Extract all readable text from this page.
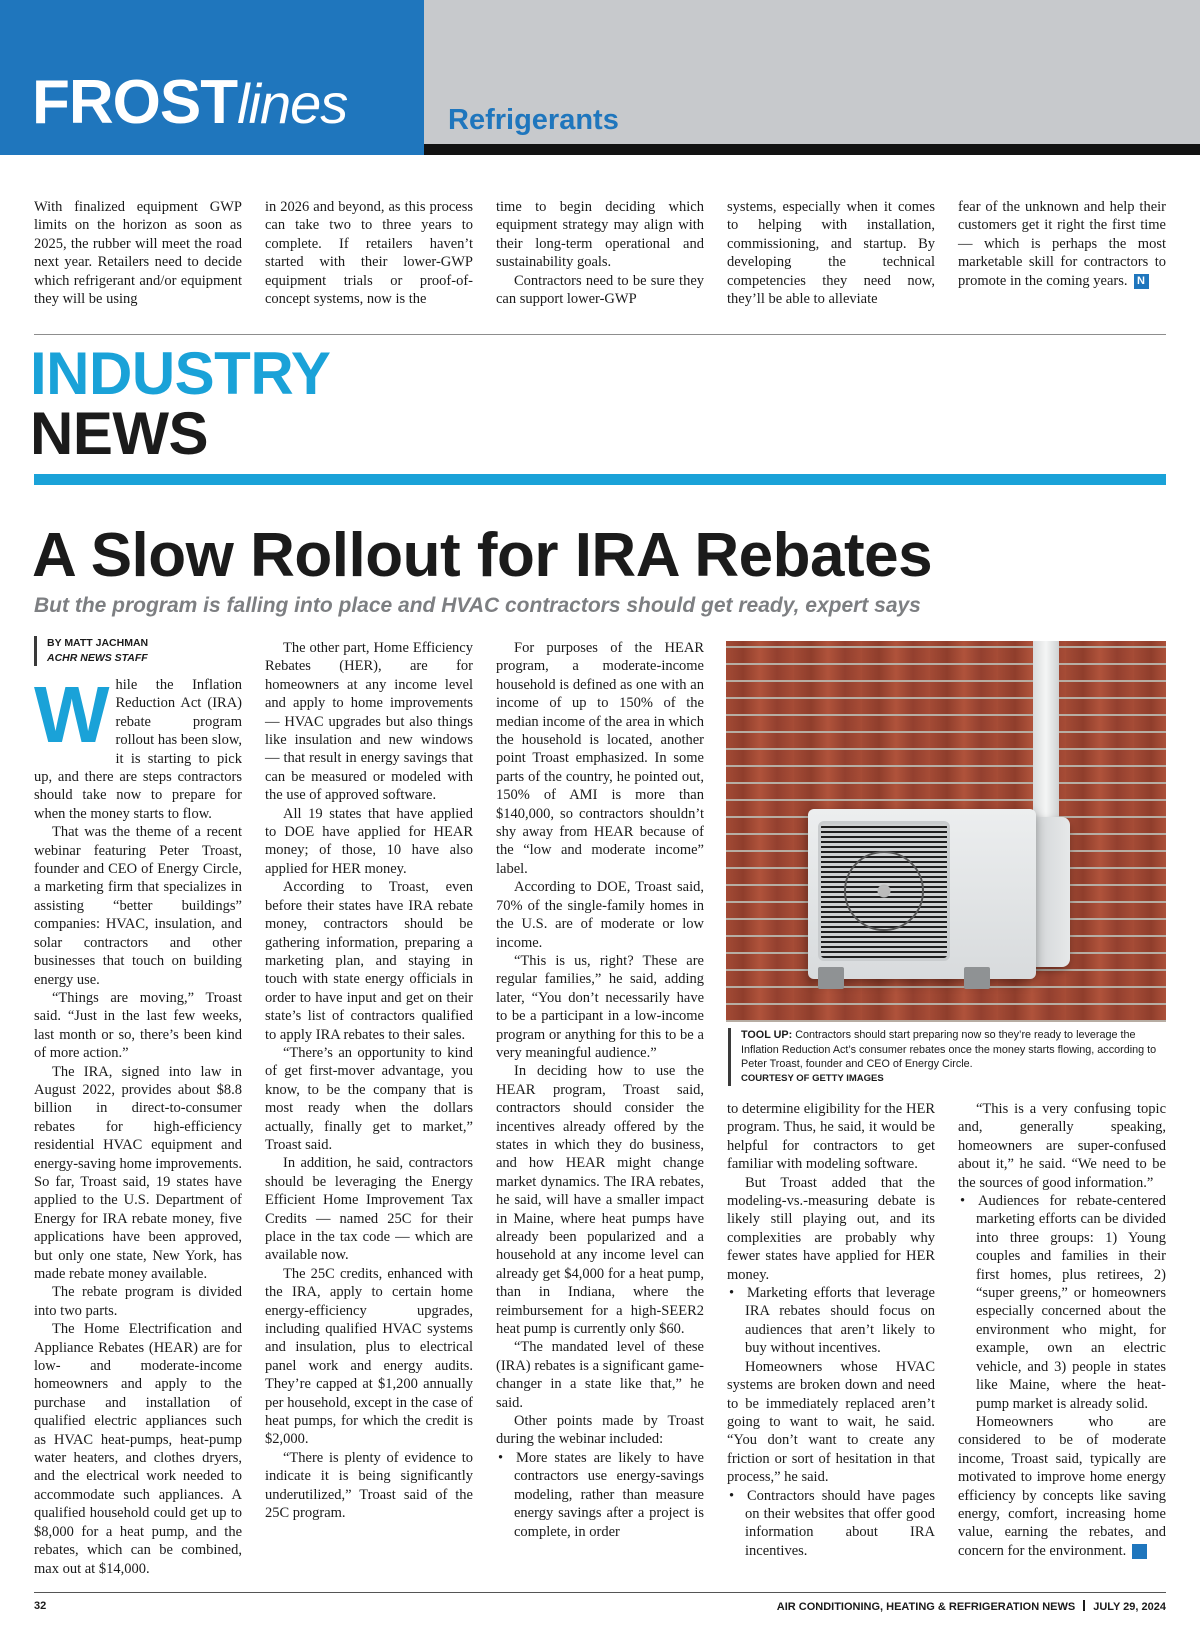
FROSTlines	Refrigerants

With finalized equipment GWP limits on the horizon as soon as 2025, the rubber will meet the road next year. Retailers need to decide which refrigerant and/or equipment they will be using

in 2026 and beyond, as this process can take two to three years to complete. If retailers haven’t started with their lower-GWP equipment trials or proof-of-concept systems, now is the

time to begin deciding which equipment strategy may align with their long-term operational and sustainability goals.

Contractors need to be sure they can support lower-GWP

systems, especially when it comes to helping with installation, commissioning, and startup. By developing the technical competencies they need now, they’ll be able to alleviate

fear of the unknown and help their customers get it right the first time — which is perhaps the most marketable skill for contractors to promote in the coming years. N

INDUSTRY
NEWS
A Slow Rollout for IRA Rebates
But the program is falling into place and HVAC contractors should get ready, expert says
BY MATT JACHMAN
ACHR NEWS STAFF

While the Inflation Reduction Act (IRA) rebate program rollout has been slow, it is starting to pick up, and there are steps contractors should take now to prepare for when the money starts to flow.

That was the theme of a recent webinar featuring Peter Troast, founder and CEO of Energy Circle, a marketing firm that specializes in assisting “better buildings” companies: HVAC, insulation, and solar contractors and other businesses that touch on building energy use.

“Things are moving,” Troast said. “Just in the last few weeks, last month or so, there’s been kind of more action.”

The IRA, signed into law in August 2022, provides about $8.8 billion in direct-to-consumer rebates for high-efficiency residential HVAC equipment and energy-saving home improvements. So far, Troast said, 19 states have applied to the U.S. Department of Energy for IRA rebate money, five applications have been approved, but only one state, New York, has made rebate money available.

The rebate program is divided into two parts.

The Home Electrification and Appliance Rebates (HEAR) are for low- and moderate-income homeowners and apply to the purchase and installation of qualified electric appliances such as HVAC heat-pumps, heat-pump water heaters, and clothes dryers, and the electrical work needed to accommodate such appliances. A qualified household could get up to $8,000 for a heat pump, and the rebates, which can be combined, max out at $14,000.

The other part, Home Efficiency Rebates (HER), are for homeowners at any income level and apply to home improvements — HVAC upgrades but also things like insulation and new windows — that result in energy savings that can be measured or modeled with the use of approved software.

All 19 states that have applied to DOE have applied for HEAR money; of those, 10 have also applied for HER money.

According to Troast, even before their states have IRA rebate money, contractors should be gathering information, preparing a marketing plan, and staying in touch with state energy officials in order to have input and get on their state’s list of contractors qualified to apply IRA rebates to their sales.

“There’s an opportunity to kind of get first-mover advantage, you know, to be the company that is most ready when the dollars actually, finally get to market,” Troast said.

In addition, he said, contractors should be leveraging the Energy Efficient Home Improvement Tax Credits — named 25C for their place in the tax code — which are available now.

The 25C credits, enhanced with the IRA, apply to certain home energy-efficiency upgrades, including qualified HVAC systems and insulation, plus to electrical panel work and energy audits. They’re capped at $1,200 annually per household, except in the case of heat pumps, for which the credit is $2,000.

“There is plenty of evidence to indicate it is being significantly underutilized,” Troast said of the 25C program.

For purposes of the HEAR program, a moderate-income household is defined as one with an income of up to 150% of the median income of the area in which the household is located, another point Troast emphasized. In some parts of the country, he pointed out, 150% of AMI is more than $140,000, so contractors shouldn’t shy away from HEAR because of the “low and moderate income” label.

According to DOE, Troast said, 70% of the single-family homes in the U.S. are of moderate or low income.

“This is us, right? These are regular families,” he said, adding later, “You don’t necessarily have to be a participant in a low-income program or anything for this to be a very meaningful audience.”

In deciding how to use the HEAR program, Troast said, contractors should consider the incentives already offered by the states in which they do business, and how HEAR might change market dynamics. The IRA rebates, he said, will have a smaller impact in Maine, where heat pumps have already been popularized and a household at any income level can already get $4,000 for a heat pump, than in Indiana, where the reimbursement for a high-SEER2 heat pump is currently only $60.

“The mandated level of these (IRA) rebates is a significant game-changer in a state like that,” he said.

Other points made by Troast during the webinar included:

• More states are likely to have contractors use energy-savings modeling, rather than measure energy savings after a project is complete, in order

TOOL UP: Contractors should start preparing now so they’re ready to leverage the Inflation Reduction Act’s consumer rebates once the money starts flowing, according to Peter Troast, founder and CEO of Energy Circle.
COURTESY OF GETTY IMAGES

to determine eligibility for the HER program. Thus, he said, it would be helpful for contractors to get familiar with modeling software.

But Troast added that the modeling-vs.-measuring debate is likely still playing out, and its complexities are probably why fewer states have applied for HER money.

• Marketing efforts that leverage IRA rebates should focus on audiences that aren’t likely to buy without incentives.

Homeowners whose HVAC systems are broken down and need to be immediately replaced aren’t going to want to wait, he said. “You don’t want to create any friction or sort of hesitation in that process,” he said.

• Contractors should have pages on their websites that offer good information about IRA incentives.

“This is a very confusing topic and, generally speaking, homeowners are super-confused about it,” he said. “We need to be the sources of good information.”

• Audiences for rebate-centered marketing efforts can be divided into three groups: 1) Young couples and families in their first homes, plus retirees, 2) “super greens,” or homeowners especially concerned about the environment who might, for example, own an electric vehicle, and 3) people in states like Maine, where the heat-pump market is already solid.

Homeowners who are considered to be of moderate income, Troast said, typically are motivated to improve home energy efficiency by concepts like saving energy, comfort, increasing home value, earning the rebates, and concern for the environment. N

32	AIR CONDITIONING, HEATING & REFRIGERATION NEWS JULY 29, 2024
